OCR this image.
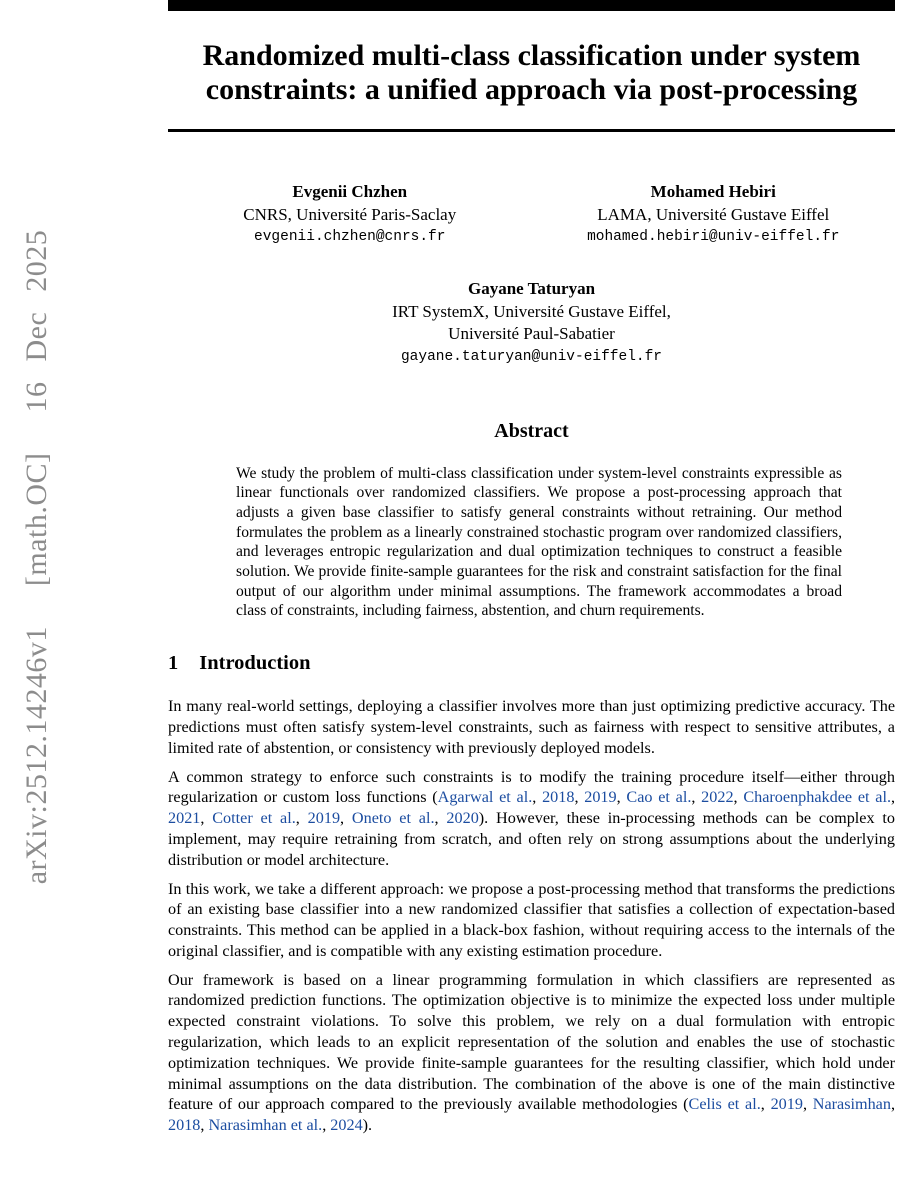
arXiv:2512.14246v1  [math.OC]  16 Dec 2025
Randomized multi-class classification under system
constraints: a unified approach via post-processing
Evgenii Chzhen
CNRS, Université Paris-Saclay
evgenii.chzhen@cnrs.fr
Mohamed Hebiri
LAMA, Université Gustave Eiffel
mohamed.hebiri@univ-eiffel.fr
Gayane Taturyan
IRT SystemX, Université Gustave Eiffel,
Université Paul-Sabatier
gayane.taturyan@univ-eiffel.fr
Abstract

We study the problem of multi-class classification under system-level constraints expressible as linear functionals over randomized classifiers. We propose a post-processing approach that adjusts a given base classifier to satisfy general constraints without retraining. Our method formulates the problem as a linearly constrained stochastic program over randomized classifiers, and leverages entropic regularization and dual optimization techniques to construct a feasible solution. We provide finite-sample guarantees for the risk and constraint satisfaction for the final output of our algorithm under minimal assumptions. The framework accommodates a broad class of constraints, including fairness, abstention, and churn requirements.

1 Introduction

In many real-world settings, deploying a classifier involves more than just optimizing predictive accuracy. The predictions must often satisfy system-level constraints, such as fairness with respect to sensitive attributes, a limited rate of abstention, or consistency with previously deployed models.

A common strategy to enforce such constraints is to modify the training procedure itself—either through regularization or custom loss functions (Agarwal et al., 2018, 2019, Cao et al., 2022, Charoenphakdee et al., 2021, Cotter et al., 2019, Oneto et al., 2020). However, these in-processing methods can be complex to implement, may require retraining from scratch, and often rely on strong assumptions about the underlying distribution or model architecture.

In this work, we take a different approach: we propose a post-processing method that transforms the predictions of an existing base classifier into a new randomized classifier that satisfies a collection of expectation-based constraints. This method can be applied in a black-box fashion, without requiring access to the internals of the original classifier, and is compatible with any existing estimation procedure.

Our framework is based on a linear programming formulation in which classifiers are represented as randomized prediction functions. The optimization objective is to minimize the expected loss under multiple expected constraint violations. To solve this problem, we rely on a dual formulation with entropic regularization, which leads to an explicit representation of the solution and enables the use of stochastic optimization techniques. We provide finite-sample guarantees for the resulting classifier, which hold under minimal assumptions on the data distribution. The combination of the above is one of the main distinctive feature of our approach compared to the previously available methodologies (Celis et al., 2019, Narasimhan, 2018, Narasimhan et al., 2024).
